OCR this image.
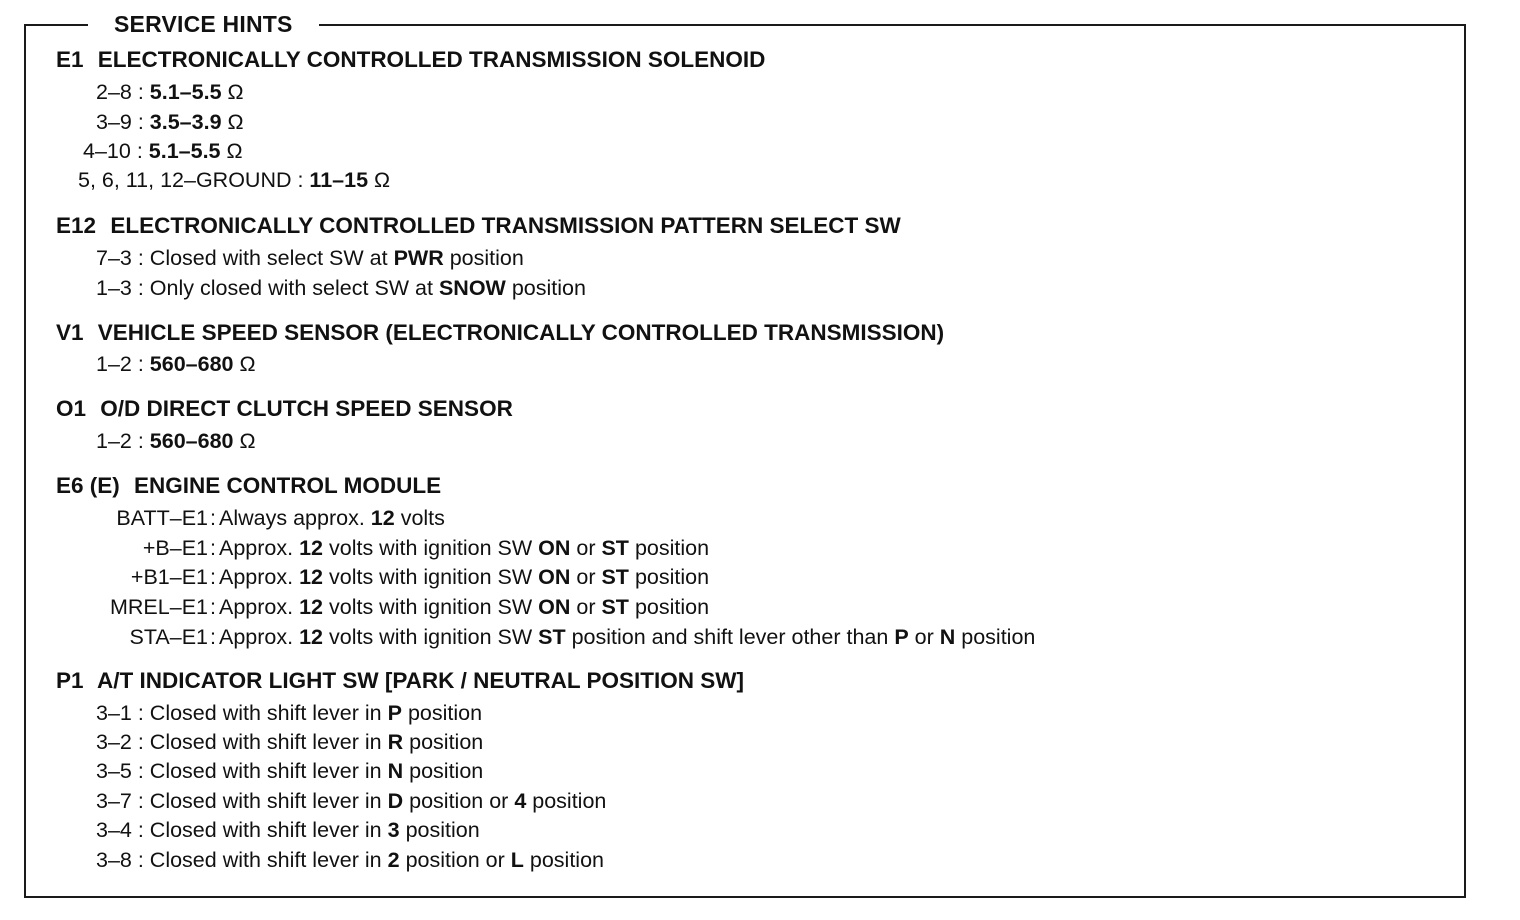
SERVICE HINTS
E1 ELECTRONICALLY CONTROLLED TRANSMISSION SOLENOID
2–8 : 5.1–5.5 Ω
3–9 : 3.5–3.9 Ω
4–10 : 5.1–5.5 Ω
5, 6, 11, 12–GROUND : 11–15 Ω
E12 ELECTRONICALLY CONTROLLED TRANSMISSION PATTERN SELECT SW
7–3 : Closed with select SW at PWR position
1–3 : Only closed with select SW at SNOW position
V1 VEHICLE SPEED SENSOR (ELECTRONICALLY CONTROLLED TRANSMISSION)
1–2 : 560–680 Ω
O1 O/D DIRECT CLUTCH SPEED SENSOR
1–2 : 560–680 Ω
E6 (E) ENGINE CONTROL MODULE
BATT–E1 : Always approx. 12 volts
+B–E1 : Approx. 12 volts with ignition SW ON or ST position
+B1–E1 : Approx. 12 volts with ignition SW ON or ST position
MREL–E1 : Approx. 12 volts with ignition SW ON or ST position
STA–E1 : Approx. 12 volts with ignition SW ST position and shift lever other than P or N position
P1 A/T INDICATOR LIGHT SW [PARK / NEUTRAL POSITION SW]
3–1 : Closed with shift lever in P position
3–2 : Closed with shift lever in R position
3–5 : Closed with shift lever in N position
3–7 : Closed with shift lever in D position or 4 position
3–4 : Closed with shift lever in 3 position
3–8 : Closed with shift lever in 2 position or L position
